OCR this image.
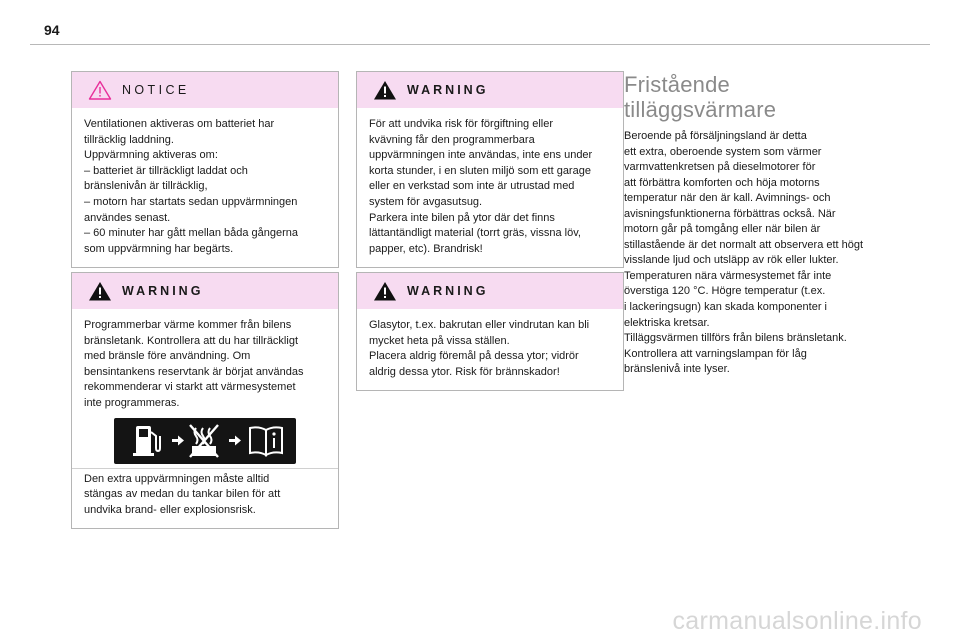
94
NOTICE
Ventilationen aktiveras om batteriet har
tillräcklig laddning.
Uppvärmning aktiveras om:
– batteriet är tillräckligt laddat och
bränslenivån är tillräcklig,
– motorn har startats sedan uppvärmningen
användes senast.
– 60 minuter har gått mellan båda gångerna
som uppvärmning har begärts.
WARNING
Programmerbar värme kommer från bilens
bränsletank. Kontrollera att du har tillräckligt
med bränsle före användning. Om
bensintankens reservtank är börjat användas
rekommenderar vi starkt att värmesystemet
inte programmeras.
Den extra uppvärmningen måste alltid
stängas av medan du tankar bilen för att
undvika brand- eller explosionsrisk.
WARNING
För att undvika risk för förgiftning eller
kvävning får den programmerbara
uppvärmningen inte användas, inte ens under
korta stunder, i en sluten miljö som ett garage
eller en verkstad som inte är utrustad med
system för avgasutsug.
Parkera inte bilen på ytor där det finns
lättantändligt material (torrt gräs, vissna löv,
papper, etc). Brandrisk!
WARNING
Glasytor, t.ex. bakrutan eller vindrutan kan bli
mycket heta på vissa ställen.
Placera aldrig föremål på dessa ytor; vidrör
aldrig dessa ytor. Risk för brännskador!
Fristående
tilläggsvärmare
Beroende på försäljningsland är detta
ett extra, oberoende system som värmer
varmvattenkretsen på dieselmotorer för
att förbättra komforten och höja motorns
temperatur när den är kall. Avimnings- och
avisningsfunktionerna förbättras också. När
motorn går på tomgång eller när bilen är
stillastående är det normalt att observera ett högt
visslande ljud och utsläpp av rök eller lukter.
Temperaturen nära värmesystemet får inte
överstiga 120 °C. Högre temperatur (t.ex.
i lackeringsugn) kan skada komponenter i
elektriska kretsar.
Tilläggsvärmen tillförs från bilens bränsletank.
Kontrollera att varningslampan för låg
bränslenivå inte lyser.
carmanualsonline.info
